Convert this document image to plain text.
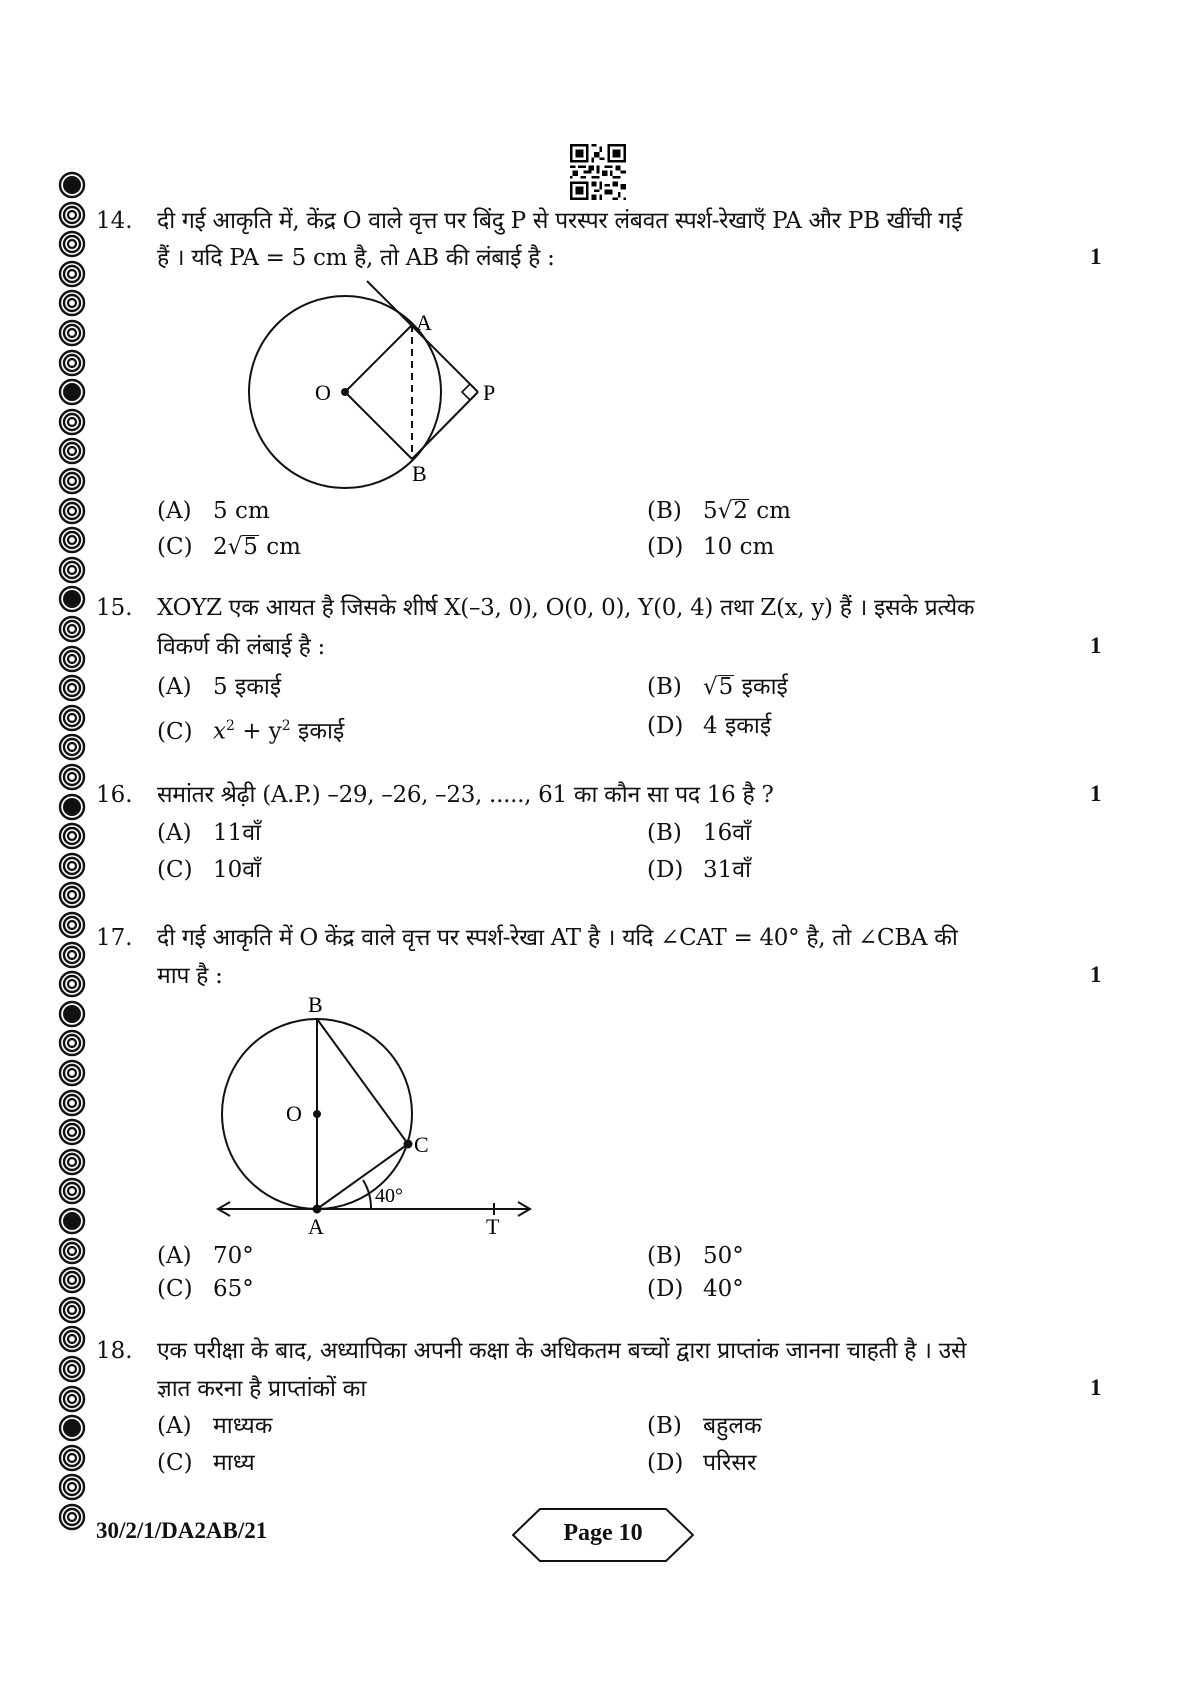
14. दी गई आकृति में, केंद्र O वाले वृत्त पर बिंदु P से परस्पर लंबवत स्पर्श-रेखाएँ PA और PB खींची गई
हैं । यदि PA = 5 cm है, तो AB की लंबाई है :	1
O
A
B
P
(A) 5 cm	(B) 5√2 cm
(C) 2√5 cm	(D) 10 cm
15. XOYZ एक आयत है जिसके शीर्ष X(–3, 0), O(0, 0), Y(0, 4) तथा Z(x, y) हैं । इसके प्रत्येक
विकर्ण की लंबाई है :	1
(A) 5 इकाई	(B) √5 इकाई
(C) $x^2 + y^2$ इकाई	(D) 4 इकाई
16. समांतर श्रेढ़ी (A.P.) –29, –26, –23, ....., 61 का कौन सा पद 16 है ?	1
(A) 11वाँ	(B) 16वाँ
(C) 10वाँ	(D) 31वाँ
17. दी गई आकृति में O केंद्र वाले वृत्त पर स्पर्श-रेखा AT है । यदि ∠CAT = 40° है, तो ∠CBA की
माप है :	1
B
O
C
40°
A	T
(A) 70°	(B) 50°
(C) 65°	(D) 40°
18. एक परीक्षा के बाद, अध्यापिका अपनी कक्षा के अधिकतम बच्चों द्वारा प्राप्तांक जानना चाहती है । उसे
ज्ञात करना है प्राप्तांकों का	1
(A) माध्यक	(B) बहुलक
(C) माध्य	(D) परिसर
30/2/1/DA2AB/21	Page 10
